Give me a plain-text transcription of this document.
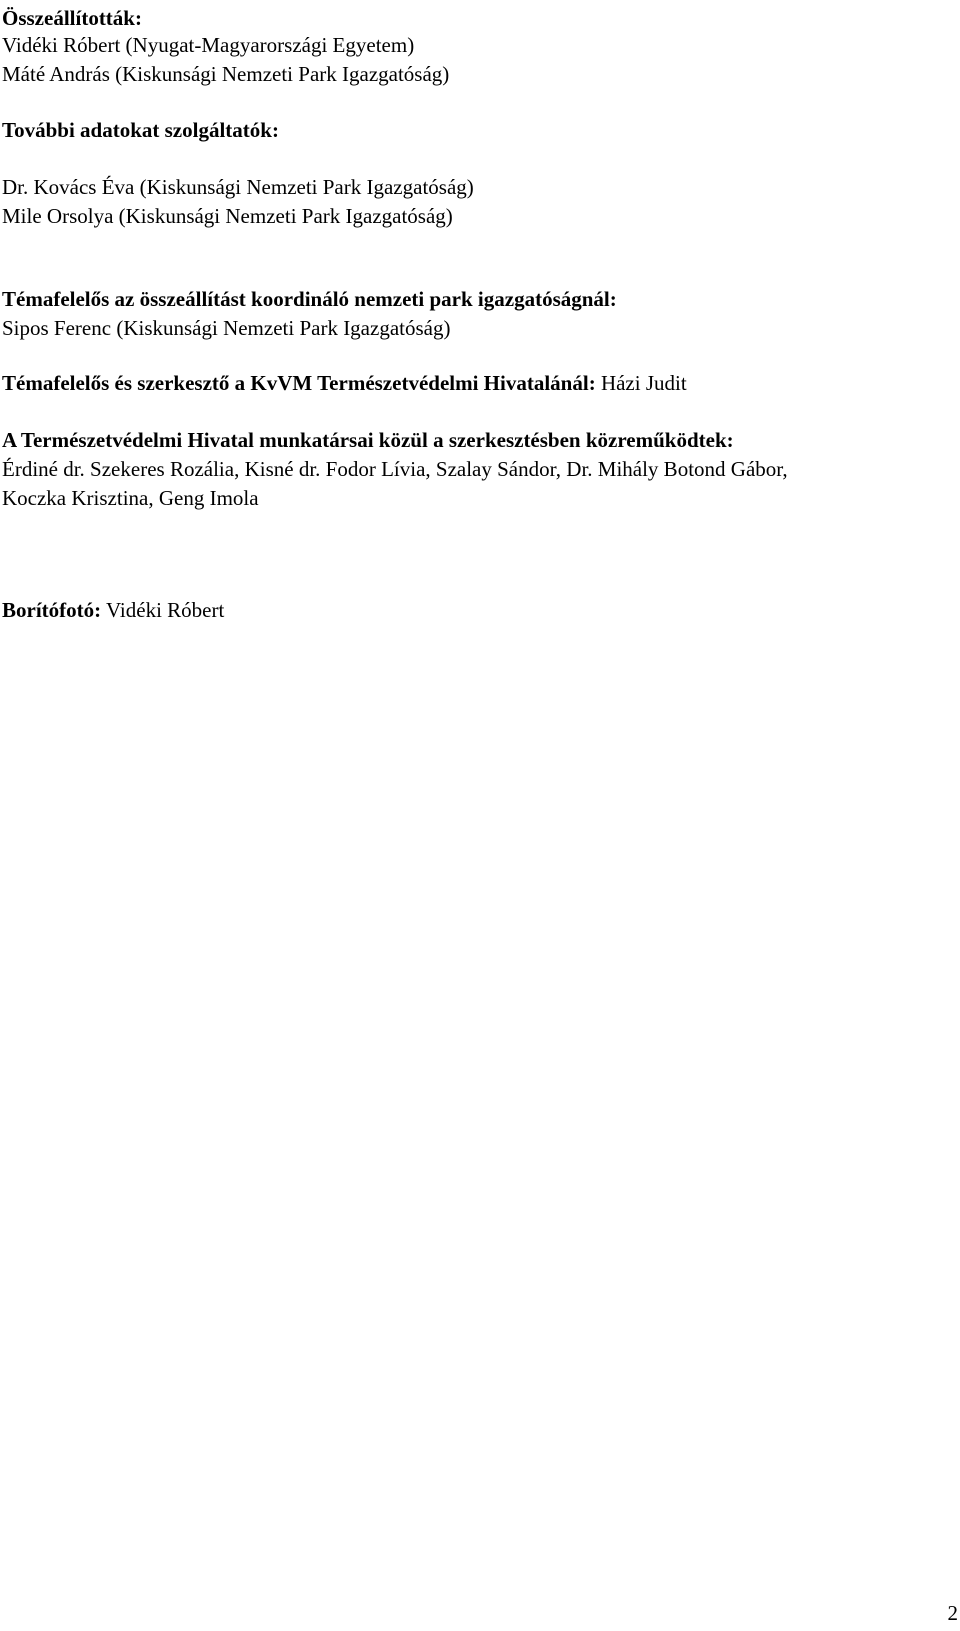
Összeállították:

Vidéki Róbert (Nyugat-Magyarországi Egyetem)

Máté András (Kiskunsági Nemzeti Park Igazgatóság)

További adatokat szolgáltatók:

Dr. Kovács Éva (Kiskunsági Nemzeti Park Igazgatóság)

Mile Orsolya (Kiskunsági Nemzeti Park Igazgatóság)

Témafelelős az összeállítást koordináló nemzeti park igazgatóságnál:

Sipos Ferenc (Kiskunsági Nemzeti Park Igazgatóság)

Témafelelős és szerkesztő a KvVM Természetvédelmi Hivatalánál: Házi Judit

A Természetvédelmi Hivatal munkatársai közül a szerkesztésben közreműködtek:

Érdiné dr. Szekeres Rozália, Kisné dr. Fodor Lívia, Szalay Sándor, Dr. Mihály Botond Gábor,

Koczka Krisztina, Geng Imola

Borítófotó: Vidéki Róbert

2
